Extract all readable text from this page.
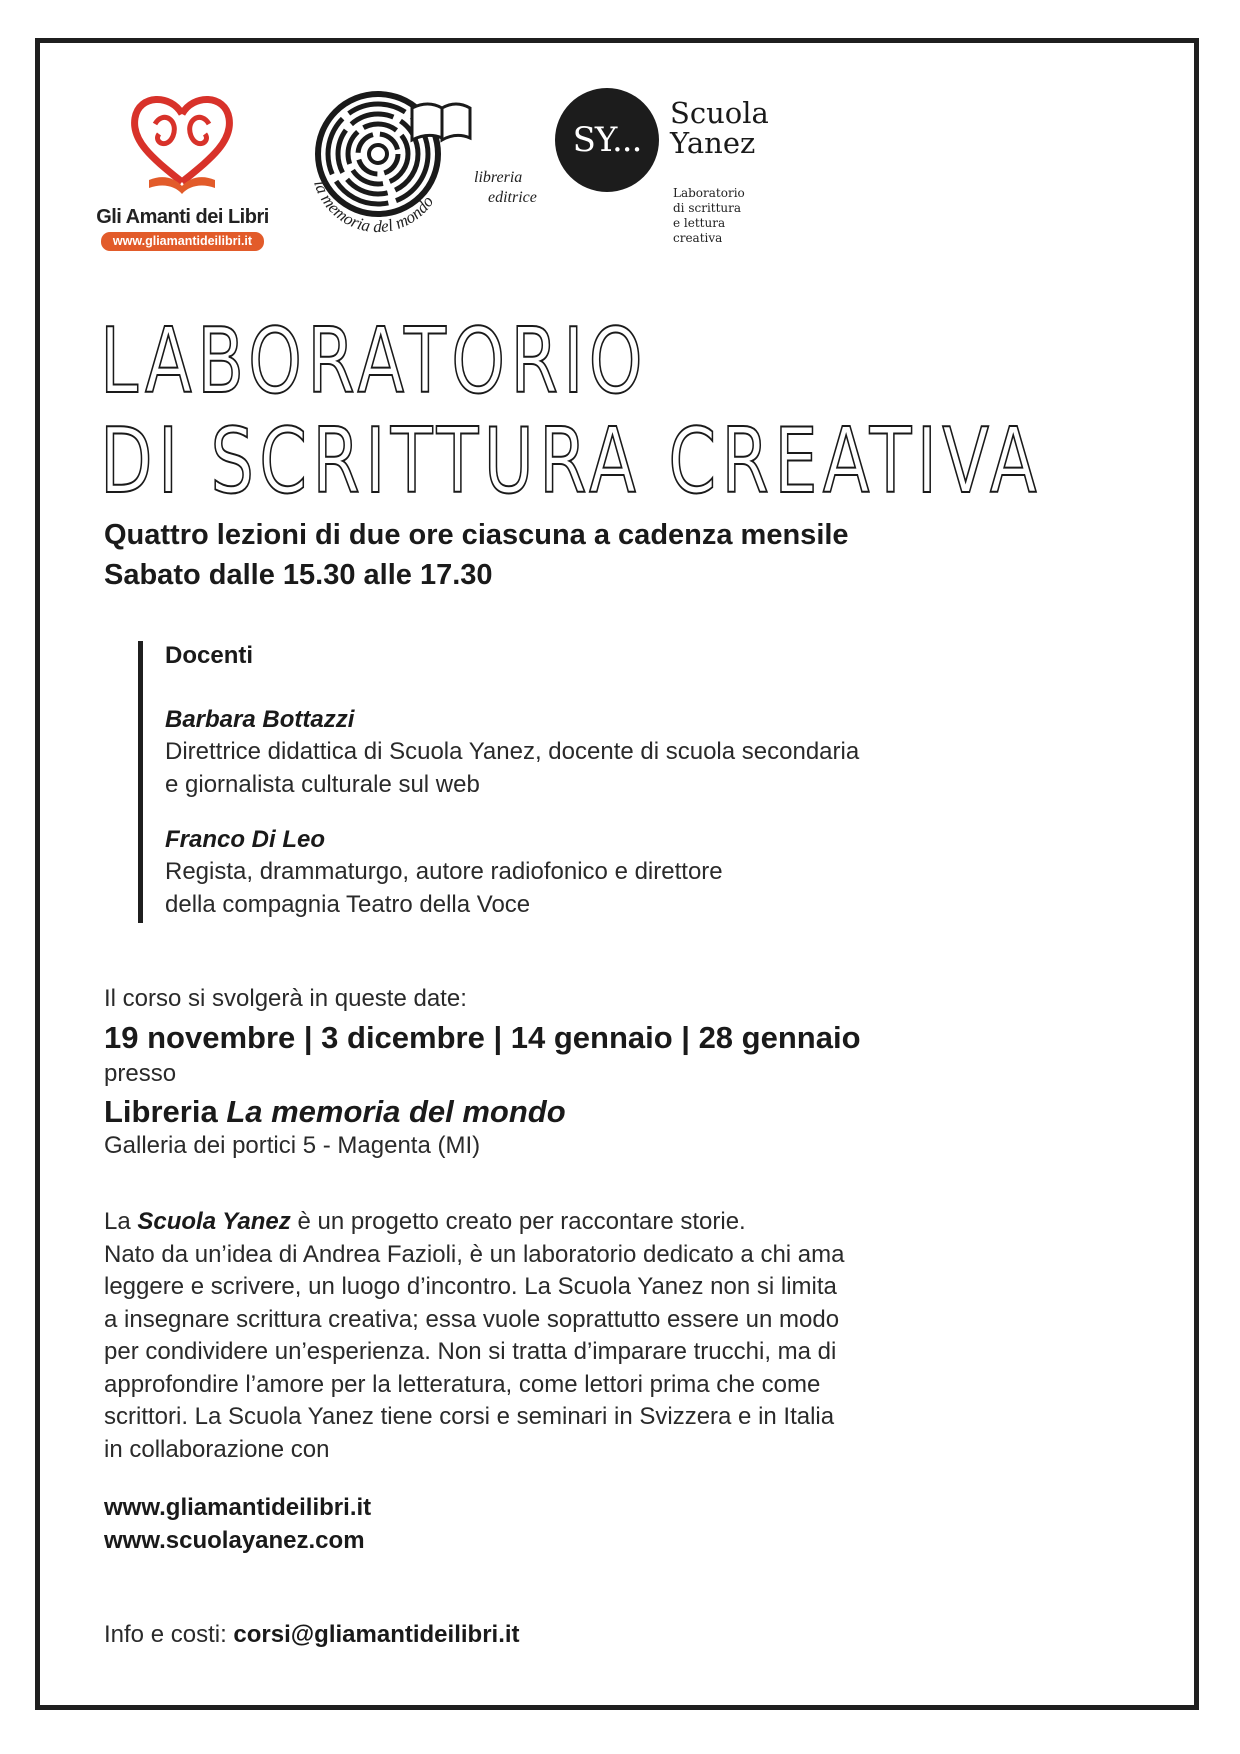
Gli Amanti dei Libri
www.gliamantideilibri.it
la memoria del mondo
libreria
editrice
SY...
Scuola
Yanez
Laboratorio
di scrittura
e lettura
creativa
LABORATORIO
DI SCRITTURA CREATIVA
Quattro lezioni di due ore ciascuna a cadenza mensile
Sabato dalle 15.30 alle 17.30
Docenti
Barbara Bottazzi
Direttrice didattica di Scuola Yanez, docente di scuola secondaria
e giornalista culturale sul web
Franco Di Leo
Regista, drammaturgo, autore radiofonico e direttore
della compagnia Teatro della Voce
Il corso si svolgerà in queste date:
19 novembre | 3 dicembre | 14 gennaio | 28 gennaio
presso
Libreria La memoria del mondo
Galleria dei portici 5 - Magenta (MI)
La Scuola Yanez è un progetto creato per raccontare storie.
Nato da un’idea di Andrea Fazioli, è un laboratorio dedicato a chi ama
leggere e scrivere, un luogo d’incontro. La Scuola Yanez non si limita
a insegnare scrittura creativa; essa vuole soprattutto essere un modo
per condividere un’esperienza. Non si tratta d’imparare trucchi, ma di
approfondire l’amore per la letteratura, come lettori prima che come
scrittori. La Scuola Yanez tiene corsi e seminari in Svizzera e in Italia
in collaborazione con
www.gliamantideilibri.it
www.scuolayanez.com
Info e costi: corsi@gliamantideilibri.it
